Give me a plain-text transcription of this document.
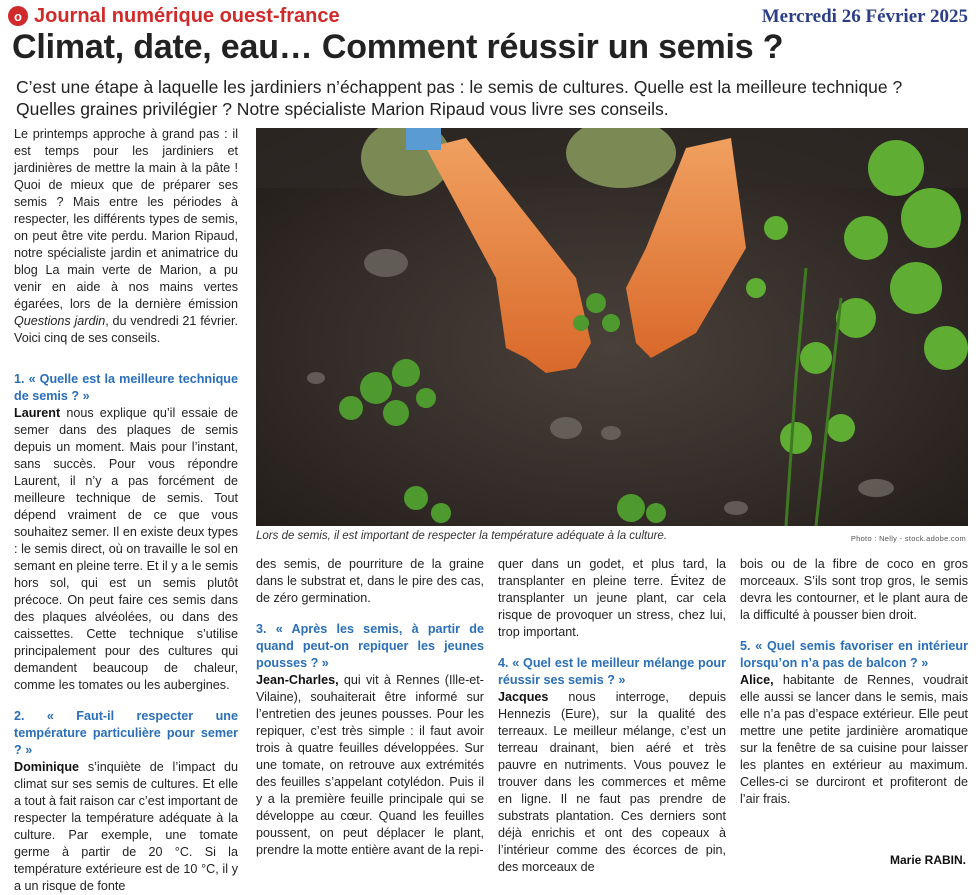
o Journal numérique ouest-france	Mercredi 26 Février 2025
Climat, date, eau… Comment réussir un semis ?
C’est une étape à laquelle les jardiniers n’échappent pas : le semis de cultures. Quelle est la meilleure technique ? Quelles graines privilégier ? Notre spécialiste Marion Ripaud vous livre ses conseils.

Le printemps approche à grand pas : il est temps pour les jardiniers et jardinières de mettre la main à la pâte ! Quoi de mieux que de préparer ses semis ? Mais entre les périodes à respecter, les différents types de semis, on peut être vite perdu. Marion Ripaud, notre spécialiste jardin et animatrice du blog La main verte de Marion, a pu venir en aide à nos mains vertes égarées, lors de la dernière émission Questions jardin, du vendredi 21 février. Voici cinq de ses conseils.

1. « Quelle est la meilleure technique de semis ? »

Laurent nous explique qu’il essaie de semer dans des plaques de semis depuis un moment. Mais pour l’instant, sans succès. Pour vous répondre Laurent, il n’y a pas forcément de meilleure technique de semis. Tout dépend vraiment de ce que vous souhaitez semer. Il en existe deux types : le semis direct, où on travaille le sol en semant en pleine terre. Et il y a le semis hors sol, qui est un semis plutôt précoce. On peut faire ces semis dans des plaques alvéolées, ou dans des caissettes. Cette technique s’utilise principalement pour des cultures qui demandent beaucoup de chaleur, comme les tomates ou les aubergines.

2. « Faut-il respecter une température particulière pour semer ? »

Dominique s’inquiète de l’impact du climat sur ses semis de cultures. Et elle a tout à fait raison car c’est important de respecter la température adéquate à la culture. Par exemple, une tomate germe à partir de 20 °C. Si la température extérieure est de 10 °C, il y a un risque de fonte

Lors de semis, il est important de respecter la température adéquate à la culture.	Photo : Nelly - stock.adobe.com

des semis, de pourriture de la graine dans le substrat et, dans le pire des cas, de zéro germination.

3. « Après les semis, à partir de quand peut-on repiquer les jeunes pousses ? »

Jean-Charles, qui vit à Rennes (Ille-et-Vilaine), souhaiterait être informé sur l’entretien des jeunes pousses. Pour les repiquer, c’est très simple : il faut avoir trois à quatre feuilles développées. Sur une tomate, on retrouve aux extrémités des feuilles s’appelant cotylédon. Puis il y a la première feuille principale qui se développe au cœur. Quand les feuilles poussent, on peut déplacer le plant, prendre la motte entière avant de la repi-

quer dans un godet, et plus tard, la transplanter en pleine terre. Évitez de transplanter un jeune plant, car cela risque de provoquer un stress, chez lui, trop important.

4. « Quel est le meilleur mélange pour réussir ses semis ? »

Jacques nous interroge, depuis Hennezis (Eure), sur la qualité des terreaux. Le meilleur mélange, c’est un terreau drainant, bien aéré et très pauvre en nutriments. Vous pouvez le trouver dans les commerces et même en ligne. Il ne faut pas prendre de substrats plantation. Ces derniers sont déjà enrichis et ont des copeaux à l’intérieur comme des écorces de pin, des morceaux de

bois ou de la fibre de coco en gros morceaux. S’ils sont trop gros, le semis devra les contourner, et le plant aura de la difficulté à pousser bien droit.

5. « Quel semis favoriser en intérieur lorsqu’on n’a pas de balcon ? »

Alice, habitante de Rennes, voudrait elle aussi se lancer dans le semis, mais elle n’a pas d’espace extérieur. Elle peut mettre une petite jardinière aromatique sur la fenêtre de sa cuisine pour laisser les plantes en extérieur au maximum. Celles-ci se durciront et profiteront de l’air frais.

Marie RABIN.
